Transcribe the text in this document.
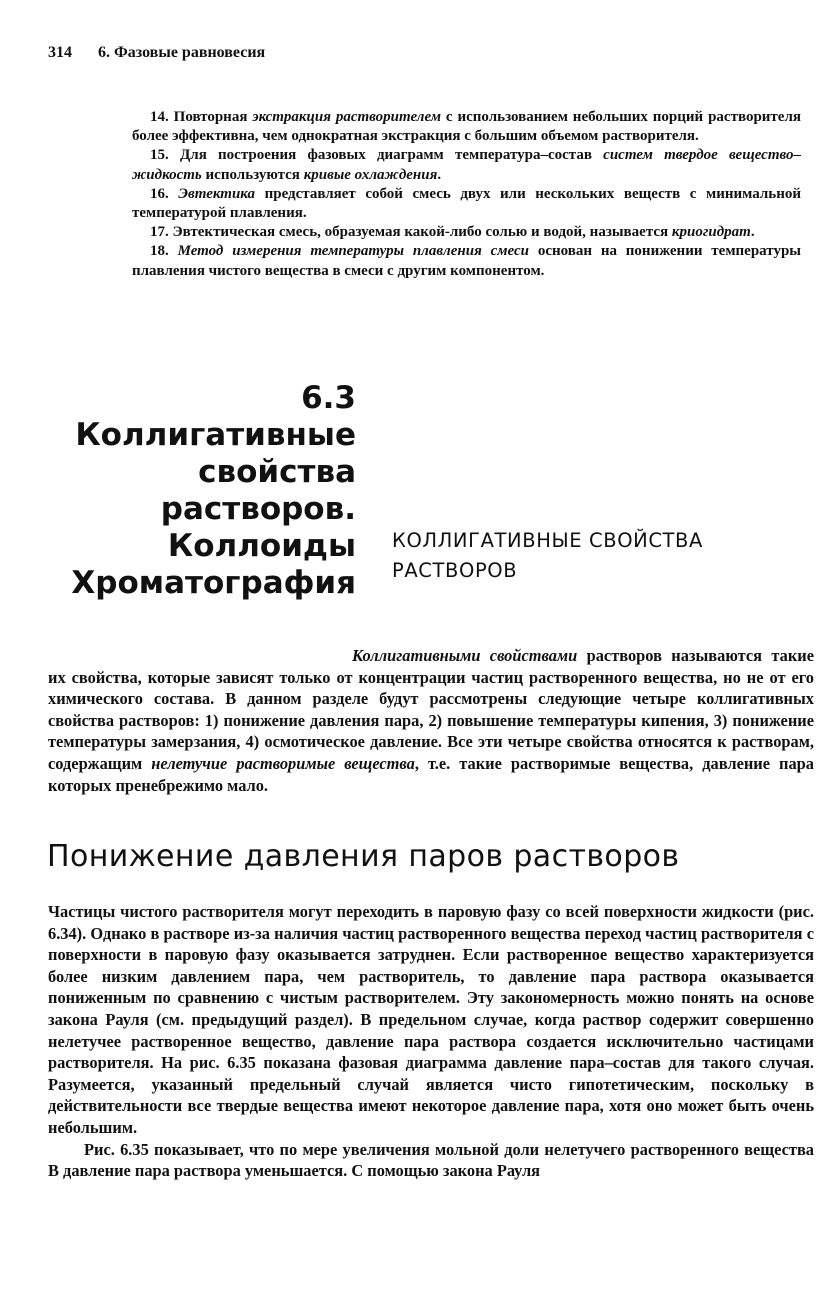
314 6. Фазовые равновесия

14. Повторная экстракция растворителем с использованием небольших порций растворителя более эффективна, чем однократная экстракция с большим объемом растворителя.

15. Для построения фазовых диаграмм температура–состав систем твердое вещество–жидкость используются кривые охлаждения.

16. Эвтектика представляет собой смесь двух или нескольких веществ с минимальной температурой плавления.

17. Эвтектическая смесь, образуемая какой-либо солью и водой, называется криогидрат.

18. Метод измерения температуры плавления смеси основан на понижении температуры плавления чистого вещества в смеси с другим компонентом.

6.3
Коллигативные
свойства
растворов.
Коллоиды
Хроматография
КОЛЛИГАТИВНЫЕ СВОЙСТВА
РАСТВОРОВ

Коллигативными свойствами растворов называются такие их свойства, которые зависят только от концентрации частиц растворенного вещества, но не от его химического состава. В данном разделе будут рассмотрены следующие четыре коллигативных свойства растворов: 1) понижение давления пара, 2) повышение температуры кипения, 3) понижение температуры замерзания, 4) осмотическое давление. Все эти четыре свойства относятся к растворам, содержащим нелетучие растворимые вещества, т.е. такие растворимые вещества, давление пара которых пренебрежимо мало.

Понижение давления паров растворов

Частицы чистого растворителя могут переходить в паровую фазу со всей поверхности жидкости (рис. 6.34). Однако в растворе из-за наличия частиц растворенного вещества переход частиц растворителя с поверхности в паровую фазу оказывается затруднен. Если растворенное вещество характеризуется более низким давлением пара, чем растворитель, то давление пара раствора оказывается пониженным по сравнению с чистым растворителем. Эту закономерность можно понять на основе закона Рауля (см. предыдущий раздел). В предельном случае, когда раствор содержит совершенно нелетучее растворенное вещество, давление пара раствора создается исключительно частицами растворителя. На рис. 6.35 показана фазовая диаграмма давление пара–состав для такого случая. Разумеется, указанный предельный случай является чисто гипотетическим, поскольку в действительности все твердые вещества имеют некоторое давление пара, хотя оно может быть очень небольшим.

Рис. 6.35 показывает, что по мере увеличения мольной доли нелетучего растворенного вещества B давление пара раствора уменьшается. С помощью закона Рауля
